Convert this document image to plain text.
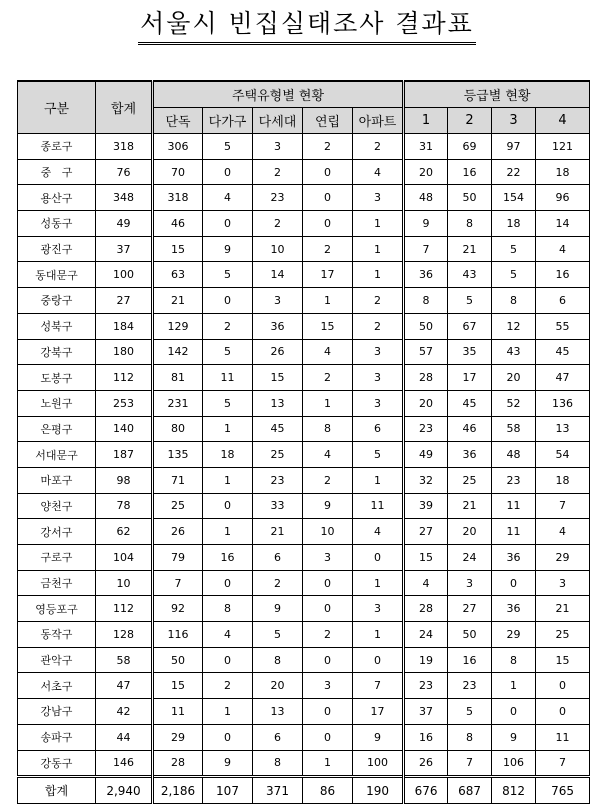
서울시 빈집실태조사 결과표
구분	합계	주택유형별 현황					등급별 현황			
		단독	다가구	다세대	연립	아파트	1	2	3	4
종로구	318	306	5	3	2	2	31	69	97	121
중   구	76	70	0	2	0	4	20	16	22	18
용산구	348	318	4	23	0	3	48	50	154	96
성동구	49	46	0	2	0	1	9	8	18	14
광진구	37	15	9	10	2	1	7	21	5	4
동대문구	100	63	5	14	17	1	36	43	5	16
중랑구	27	21	0	3	1	2	8	5	8	6
성북구	184	129	2	36	15	2	50	67	12	55
강북구	180	142	5	26	4	3	57	35	43	45
도봉구	112	81	11	15	2	3	28	17	20	47
노원구	253	231	5	13	1	3	20	45	52	136
은평구	140	80	1	45	8	6	23	46	58	13
서대문구	187	135	18	25	4	5	49	36	48	54
마포구	98	71	1	23	2	1	32	25	23	18
양천구	78	25	0	33	9	11	39	21	11	7
강서구	62	26	1	21	10	4	27	20	11	4
구로구	104	79	16	6	3	0	15	24	36	29
금천구	10	7	0	2	0	1	4	3	0	3
영등포구	112	92	8	9	0	3	28	27	36	21
동작구	128	116	4	5	2	1	24	50	29	25
관악구	58	50	0	8	0	0	19	16	8	15
서초구	47	15	2	20	3	7	23	23	1	0
강남구	42	11	1	13	0	17	37	5	0	0
송파구	44	29	0	6	0	9	16	8	9	11
강동구	146	28	9	8	1	100	26	7	106	7
합계	2,940	2,186	107	371	86	190	676	687	812	765
